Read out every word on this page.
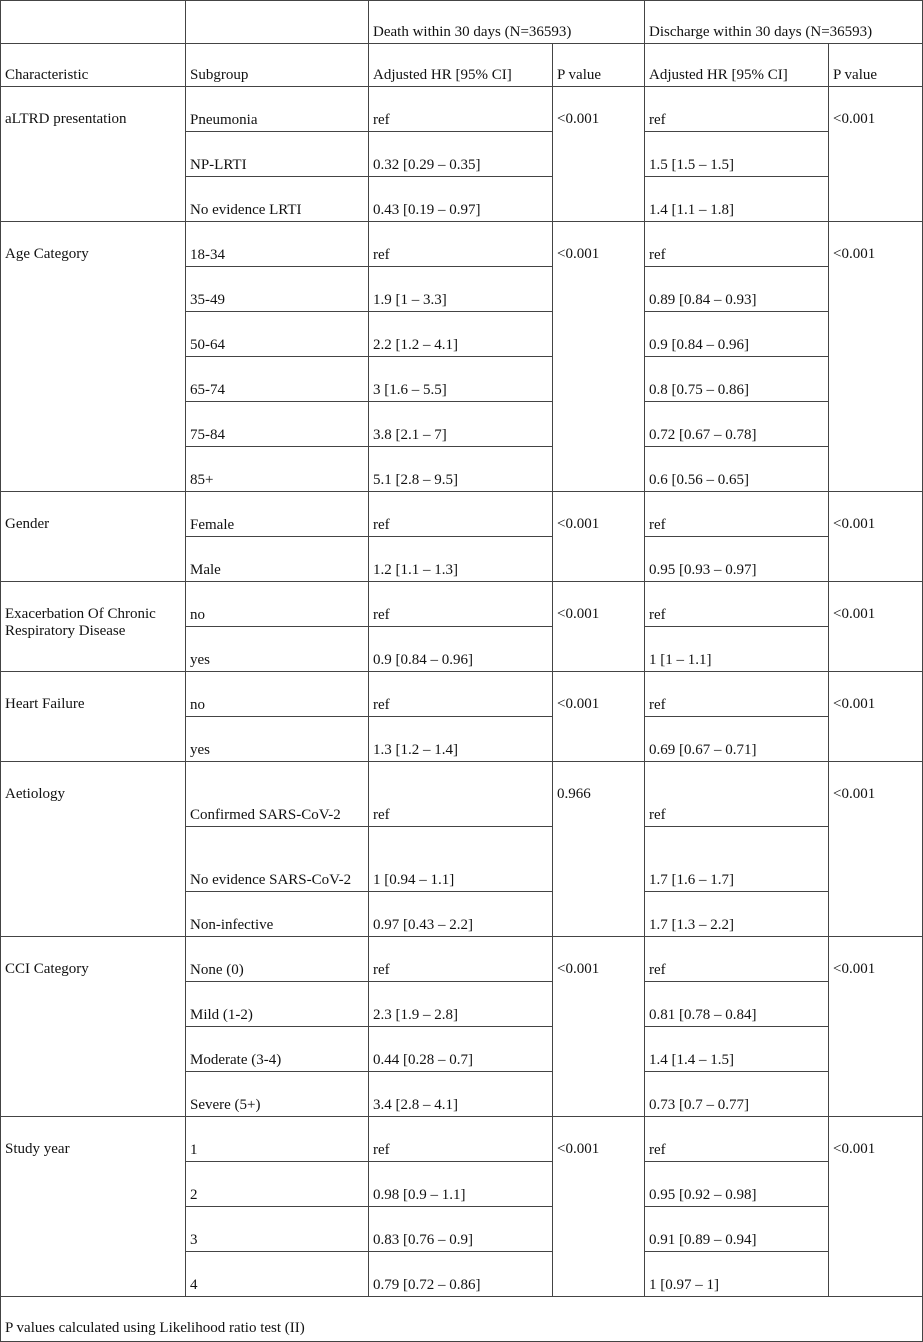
		Death within 30 days (N=36593)		Discharge within 30 days (N=36593)	
Characteristic	Subgroup	Adjusted HR [95% CI]	P value	Adjusted HR [95% CI]	P value
aLTRD presentation	Pneumonia	ref	<0.001	ref	<0.001
	NP-LRTI	0.32 [0.29 – 0.35]		1.5 [1.5 – 1.5]	
	No evidence LRTI	0.43 [0.19 – 0.97]		1.4 [1.1 – 1.8]	
Age Category	18-34	ref	<0.001	ref	<0.001
	35-49	1.9 [1 – 3.3]		0.89 [0.84 – 0.93]	
	50-64	2.2 [1.2 – 4.1]		0.9 [0.84 – 0.96]	
	65-74	3 [1.6 – 5.5]		0.8 [0.75 – 0.86]	
	75-84	3.8 [2.1 – 7]		0.72 [0.67 – 0.78]	
	85+	5.1 [2.8 – 9.5]		0.6 [0.56 – 0.65]	
Gender	Female	ref	<0.001	ref	<0.001
	Male	1.2 [1.1 – 1.3]		0.95 [0.93 – 0.97]	
Exacerbation Of Chronic Respiratory Disease	no	ref	<0.001	ref	<0.001
	yes	0.9 [0.84 – 0.96]		1 [1 – 1.1]	
Heart Failure	no	ref	<0.001	ref	<0.001
	yes	1.3 [1.2 – 1.4]		0.69 [0.67 – 0.71]	
Aetiology	Confirmed SARS-CoV-2	ref	0.966	ref	<0.001
	No evidence SARS-CoV-2	1 [0.94 – 1.1]		1.7 [1.6 – 1.7]	
	Non-infective	0.97 [0.43 – 2.2]		1.7 [1.3 – 2.2]	
CCI Category	None (0)	ref	<0.001	ref	<0.001
	Mild (1-2)	2.3 [1.9 – 2.8]		0.81 [0.78 – 0.84]	
	Moderate (3-4)	0.44 [0.28 – 0.7]		1.4 [1.4 – 1.5]	
	Severe (5+)	3.4 [2.8 – 4.1]		0.73 [0.7 – 0.77]	
Study year	1	ref	<0.001	ref	<0.001
	2	0.98 [0.9 – 1.1]		0.95 [0.92 – 0.98]	
	3	0.83 [0.76 – 0.9]		0.91 [0.89 – 0.94]	
	4	0.79 [0.72 – 0.86]		1 [0.97 – 1]	
P values calculated using Likelihood ratio test (II)					
